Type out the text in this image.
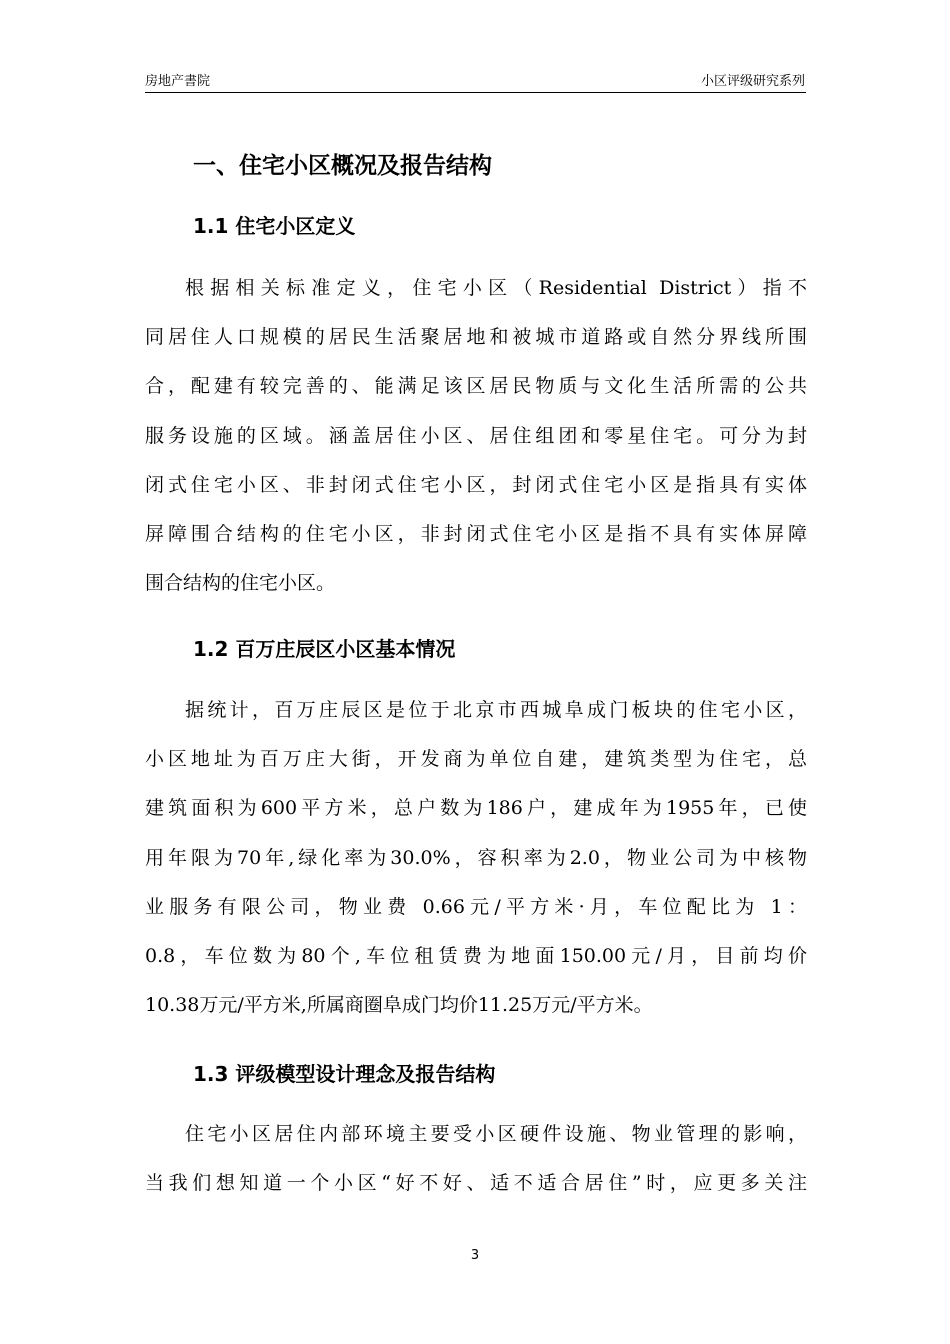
房地产書院	小区评级研究系列
一、住宅小区概况及报告结构
1.1 住宅小区定义
根据相关标准定义，住宅小区（Residential District）指不
同居住人口规模的居民生活聚居地和被城市道路或自然分界线所围
合，配建有较完善的、能满足该区居民物质与文化生活所需的公共
服务设施的区域。涵盖居住小区、居住组团和零星住宅。可分为封
闭式住宅小区、非封闭式住宅小区，封闭式住宅小区是指具有实体
屏障围合结构的住宅小区，非封闭式住宅小区是指不具有实体屏障
围合结构的住宅小区。
1.2 百万庄辰区小区基本情况
据统计，百万庄辰区是位于北京市西城阜成门板块的住宅小区，
小区地址为百万庄大街，开发商为单位自建，建筑类型为住宅，总
建筑面积为600平方米，总户数为186户，建成年为1955年，已使
用年限为70年,绿化率为30.0%，容积率为2.0，物业公司为中核物
业服务有限公司，物业费 0.66元/平方米·月，车位配比为 1：
0.8，车位数为80个,车位租赁费为地面150.00元/月，目前均价
10.38万元/平方米,所属商圈阜成门均价11.25万元/平方米。
1.3 评级模型设计理念及报告结构
住宅小区居住内部环境主要受小区硬件设施、物业管理的影响，
当我们想知道一个小区“好不好、适不适合居住”时，应更多关注
3
